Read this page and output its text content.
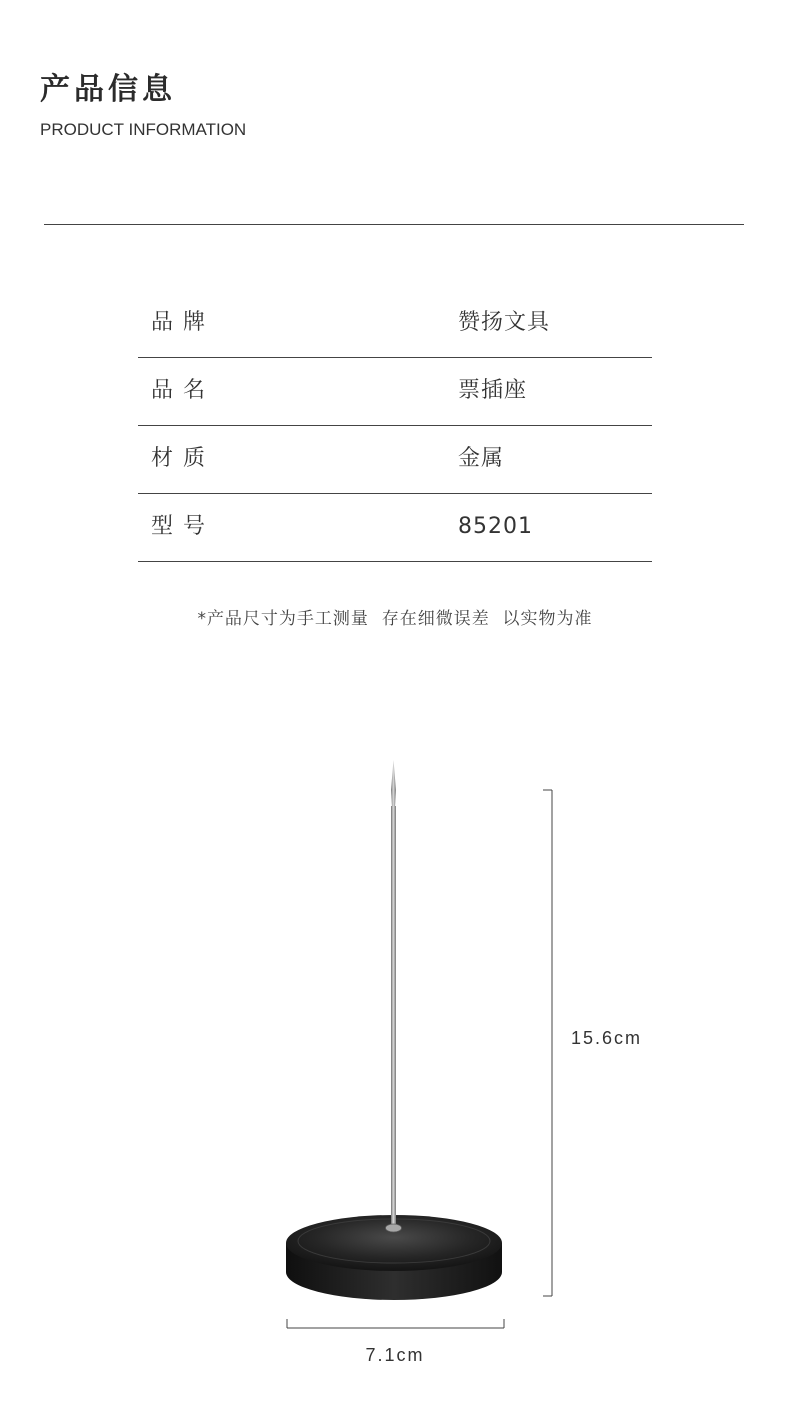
产品信息
PRODUCT INFORMATION
品牌	赞扬文具
品名	票插座
材质	金属
型号	85201
*产品尺寸为手工测量  存在细微误差  以实物为准
15.6cm
7.1cm
